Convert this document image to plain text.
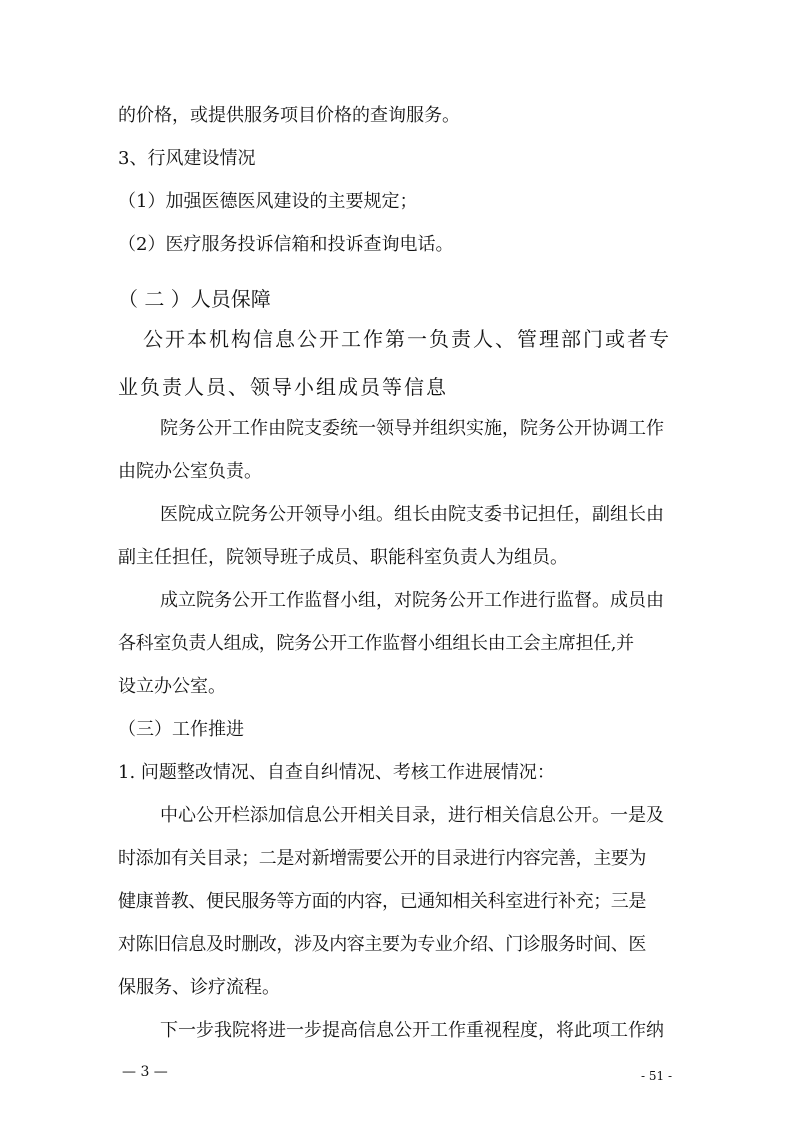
的价格，或提供服务项目价格的查询服务。
3、行风建设情况
（1）加强医德医风建设的主要规定；
（2）医疗服务投诉信箱和投诉查询电话。
（ 二 ）人员保障
公开本机构信息公开工作第一负责人、管理部门或者专
业负责人员、领导小组成员等信息
院务公开工作由院支委统一领导并组织实施，院务公开协调工作
由院办公室负责。
医院成立院务公开领导小组。组长由院支委书记担任，副组长由
副主任担任，院领导班子成员、职能科室负责人为组员。
成立院务公开工作监督小组，对院务公开工作进行监督。成员由
各科室负责人组成，院务公开工作监督小组组长由工会主席担任,并
设立办公室。
（三）工作推进
1. 问题整改情况、自查自纠情况、考核工作进展情况：
中心公开栏添加信息公开相关目录，进行相关信息公开。一是及
时添加有关目录；二是对新增需要公开的目录进行内容完善，主要为
健康普教、便民服务等方面的内容，已通知相关科室进行补充；三是
对陈旧信息及时删改，涉及内容主要为专业介绍、门诊服务时间、医
保服务、诊疗流程。
下一步我院将进一步提高信息公开工作重视程度，将此项工作纳
— 3 —	- 51 -
